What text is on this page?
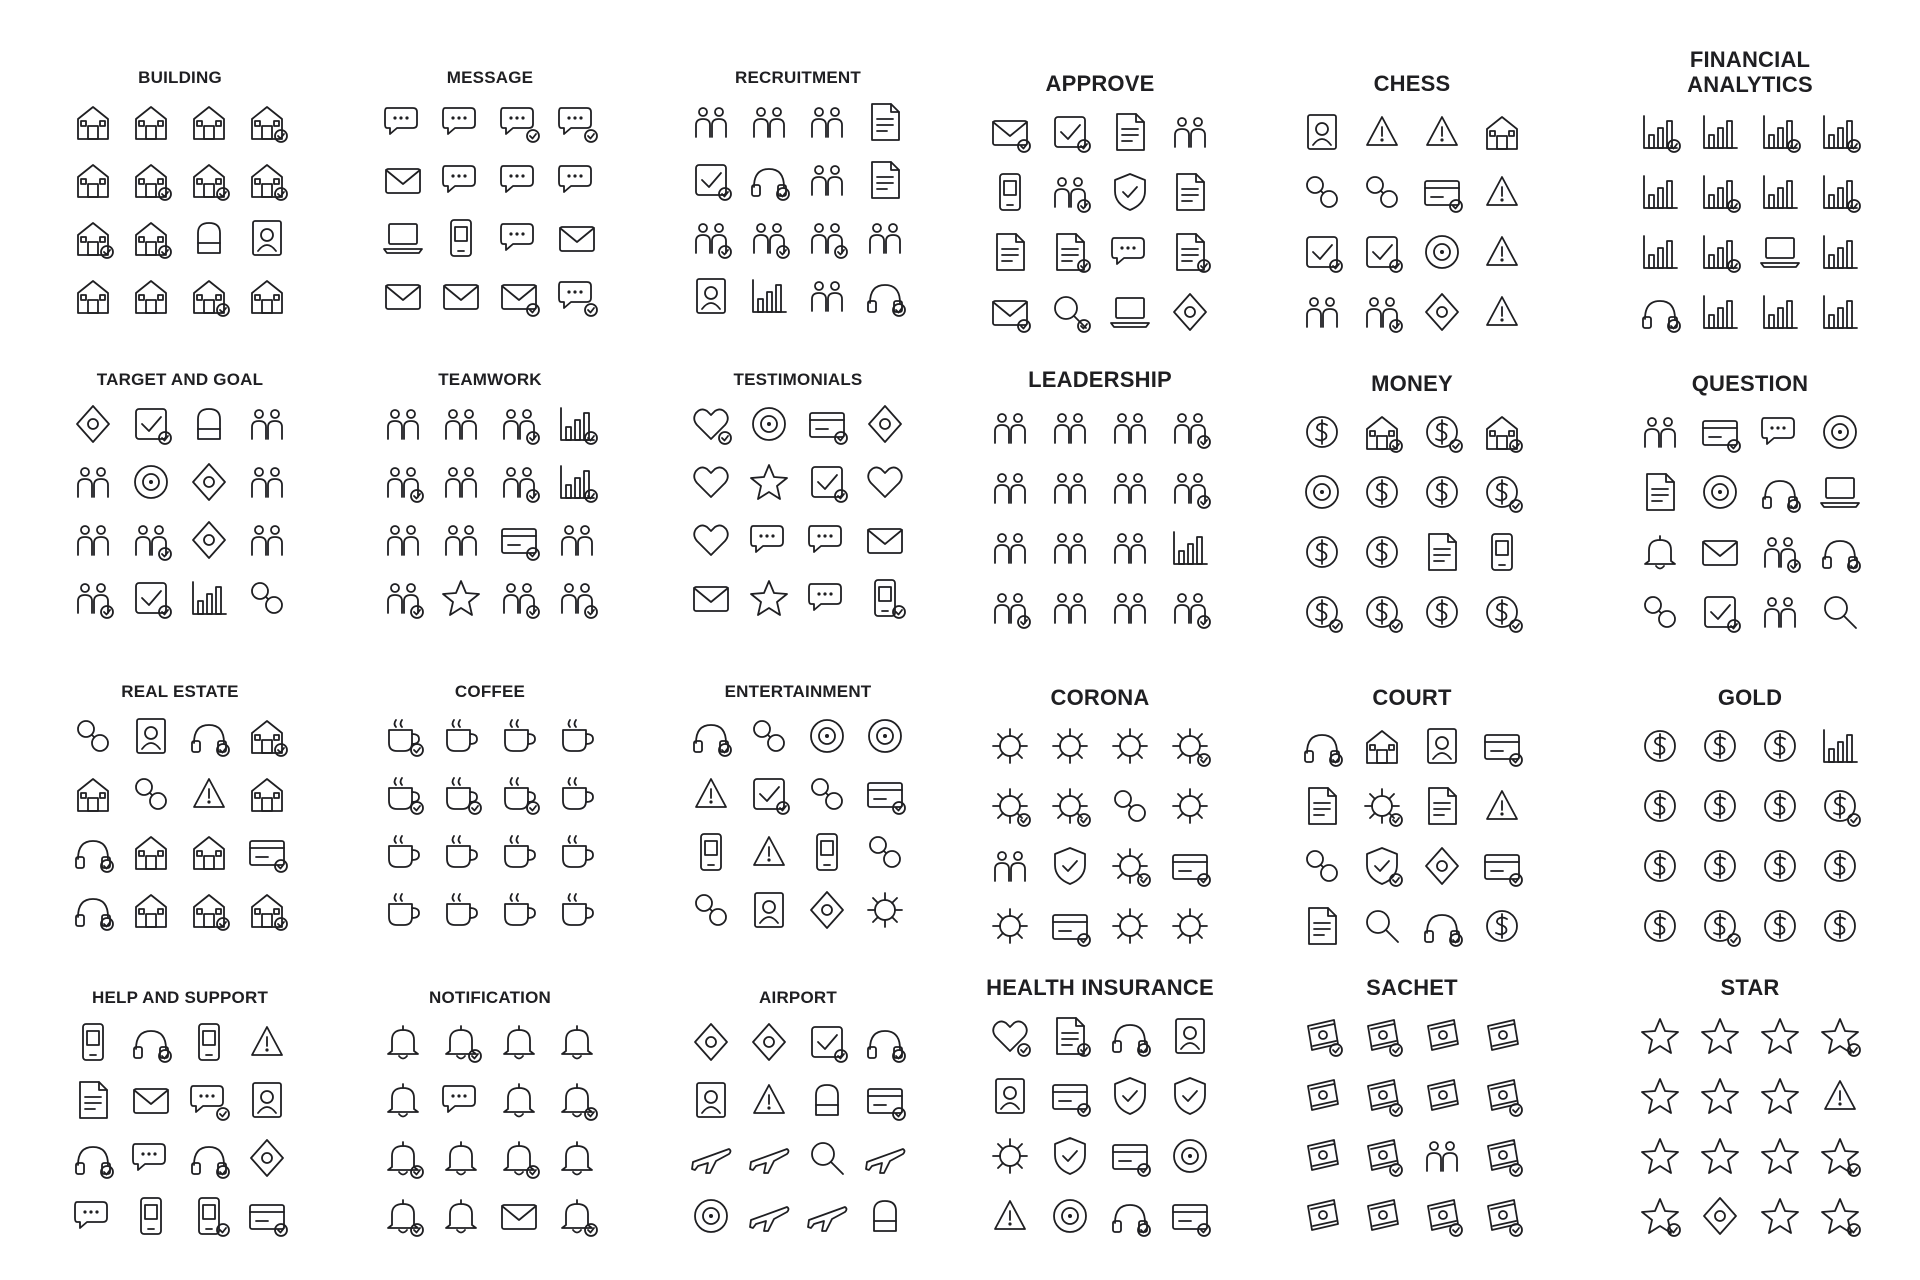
BUILDING	MESSAGE	RECRUITMENT	APPROVE	CHESS
FINANCIAL
ANALYTICS
TARGET AND GOAL	TEAMWORK	TESTIMONIALS	LEADERSHIP	MONEY	QUESTION
REAL ESTATE	COFFEE	ENTERTAINMENT	CORONA	COURT	GOLD
HELP AND SUPPORT	NOTIFICATION	AIRPORT	HEALTH INSURANCE	SACHET	STAR
